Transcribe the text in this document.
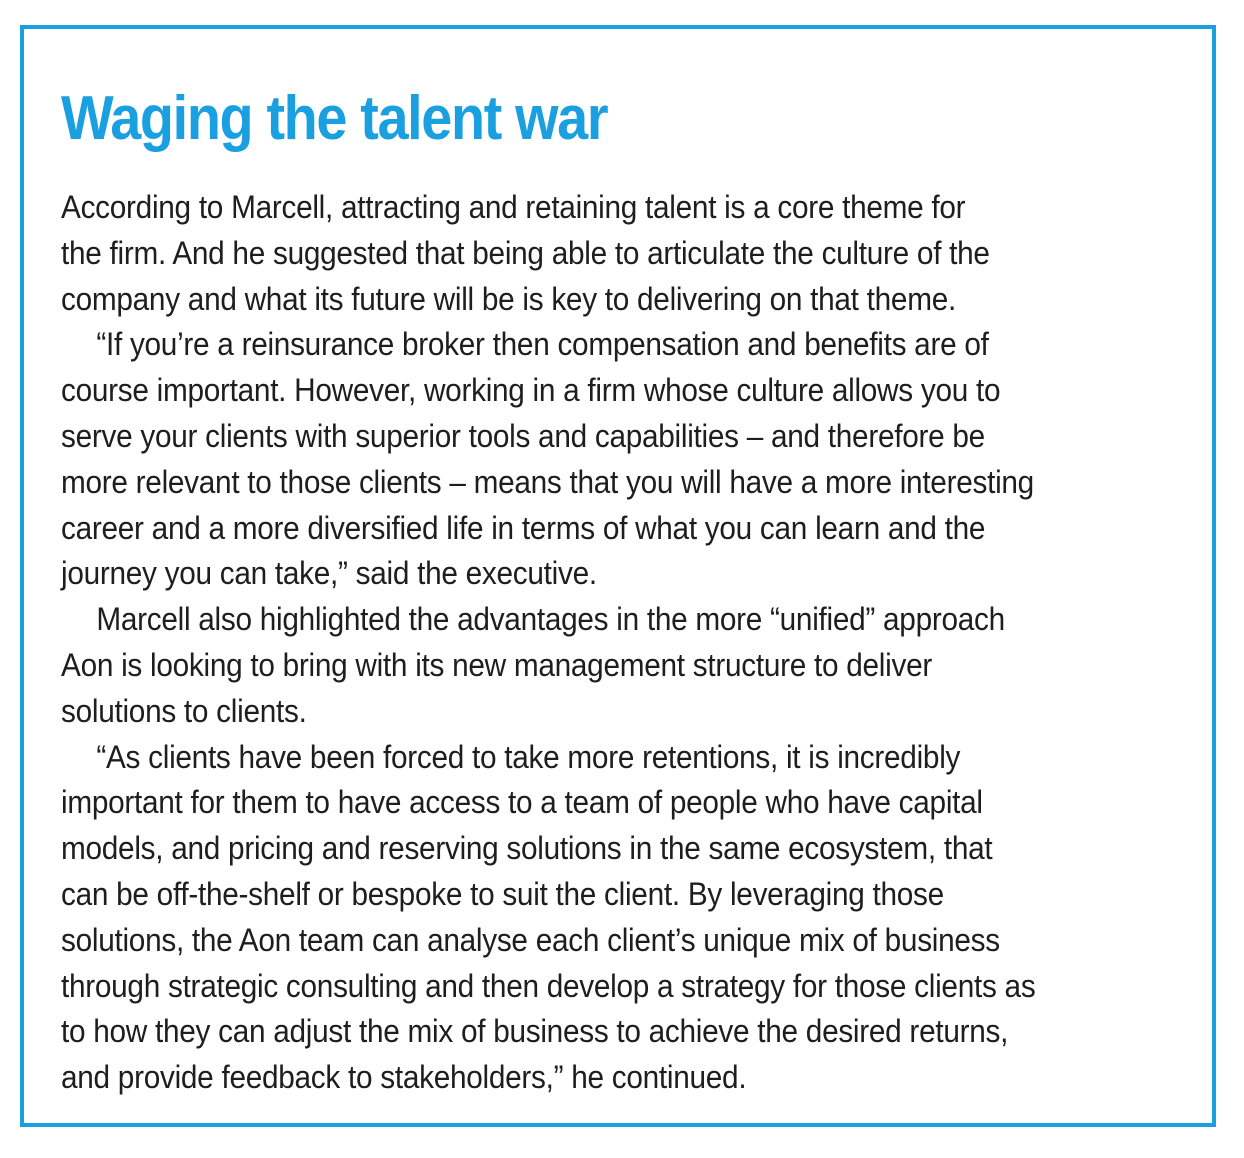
Waging the talent war

According to Marcell, attracting and retaining talent is a core theme for
the firm. And he suggested that being able to articulate the culture of the
company and what its future will be is key to delivering on that theme.

“If you’re a reinsurance broker then compensation and benefits are of
course important. However, working in a firm whose culture allows you to
serve your clients with superior tools and capabilities – and therefore be
more relevant to those clients – means that you will have a more interesting
career and a more diversified life in terms of what you can learn and the
journey you can take,” said the executive.

Marcell also highlighted the advantages in the more “unified” approach
Aon is looking to bring with its new management structure to deliver
solutions to clients.

“As clients have been forced to take more retentions, it is incredibly
important for them to have access to a team of people who have capital
models, and pricing and reserving solutions in the same ecosystem, that
can be off-the-shelf or bespoke to suit the client. By leveraging those
solutions, the Aon team can analyse each client’s unique mix of business
through strategic consulting and then develop a strategy for those clients as
to how they can adjust the mix of business to achieve the desired returns,
and provide feedback to stakeholders,” he continued.
